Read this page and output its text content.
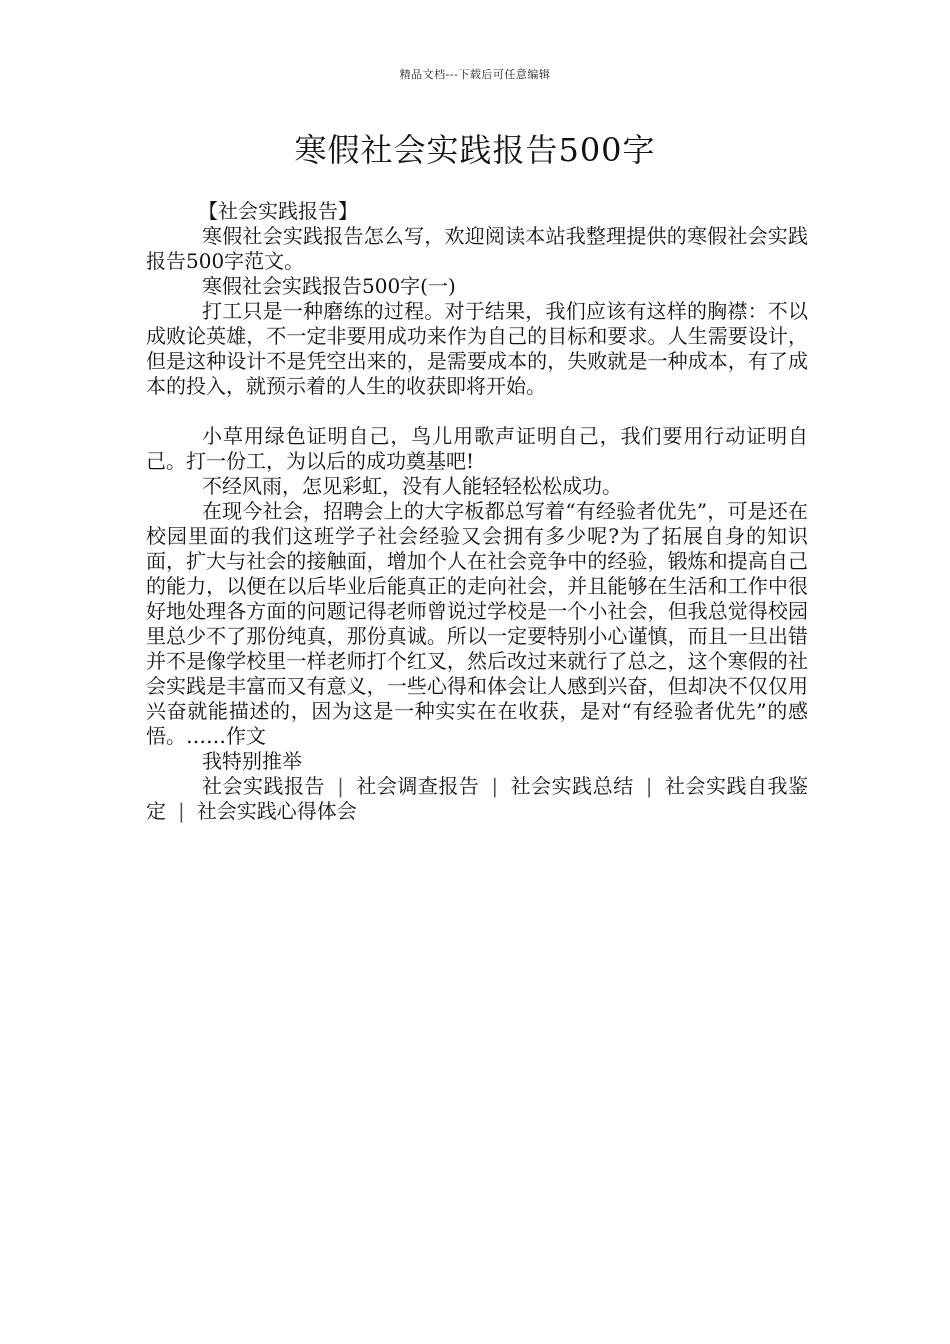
精品文档---下载后可任意编辑
寒假社会实践报告500字

【社会实践报告】

寒假社会实践报告怎么写，欢迎阅读本站我整理提供的寒假社会实践报告500字范文。

寒假社会实践报告500字(一)

打工只是一种磨练的过程。对于结果，我们应该有这样的胸襟：不以成败论英雄，不一定非要用成功来作为自己的目标和要求。人生需要设计，但是这种设计不是凭空出来的，是需要成本的，失败就是一种成本，有了成本的投入，就预示着的人生的收获即将开始。

小草用绿色证明自己，鸟儿用歌声证明自己，我们要用行动证明自己。打一份工，为以后的成功奠基吧!

不经风雨，怎见彩虹，没有人能轻轻松松成功。

在现今社会，招聘会上的大字板都总写着“有经验者优先”，可是还在校园里面的我们这班学子社会经验又会拥有多少呢?为了拓展自身的知识面，扩大与社会的接触面，增加个人在社会竞争中的经验，锻炼和提高自己的能力，以便在以后毕业后能真正的走向社会，并且能够在生活和工作中很好地处理各方面的问题记得老师曾说过学校是一个小社会，但我总觉得校园里总少不了那份纯真，那份真诚。所以一定要特别小心谨慎，而且一旦出错并不是像学校里一样老师打个红叉，然后改过来就行了总之，这个寒假的社会实践是丰富而又有意义，一些心得和体会让人感到兴奋，但却决不仅仅用兴奋就能描述的，因为这是一种实实在在收获，是对“有经验者优先”的感悟。……作文

我特别推举

社会实践报告 | 社会调查报告 | 社会实践总结 | 社会实践自我鉴定 | 社会实践心得体会
